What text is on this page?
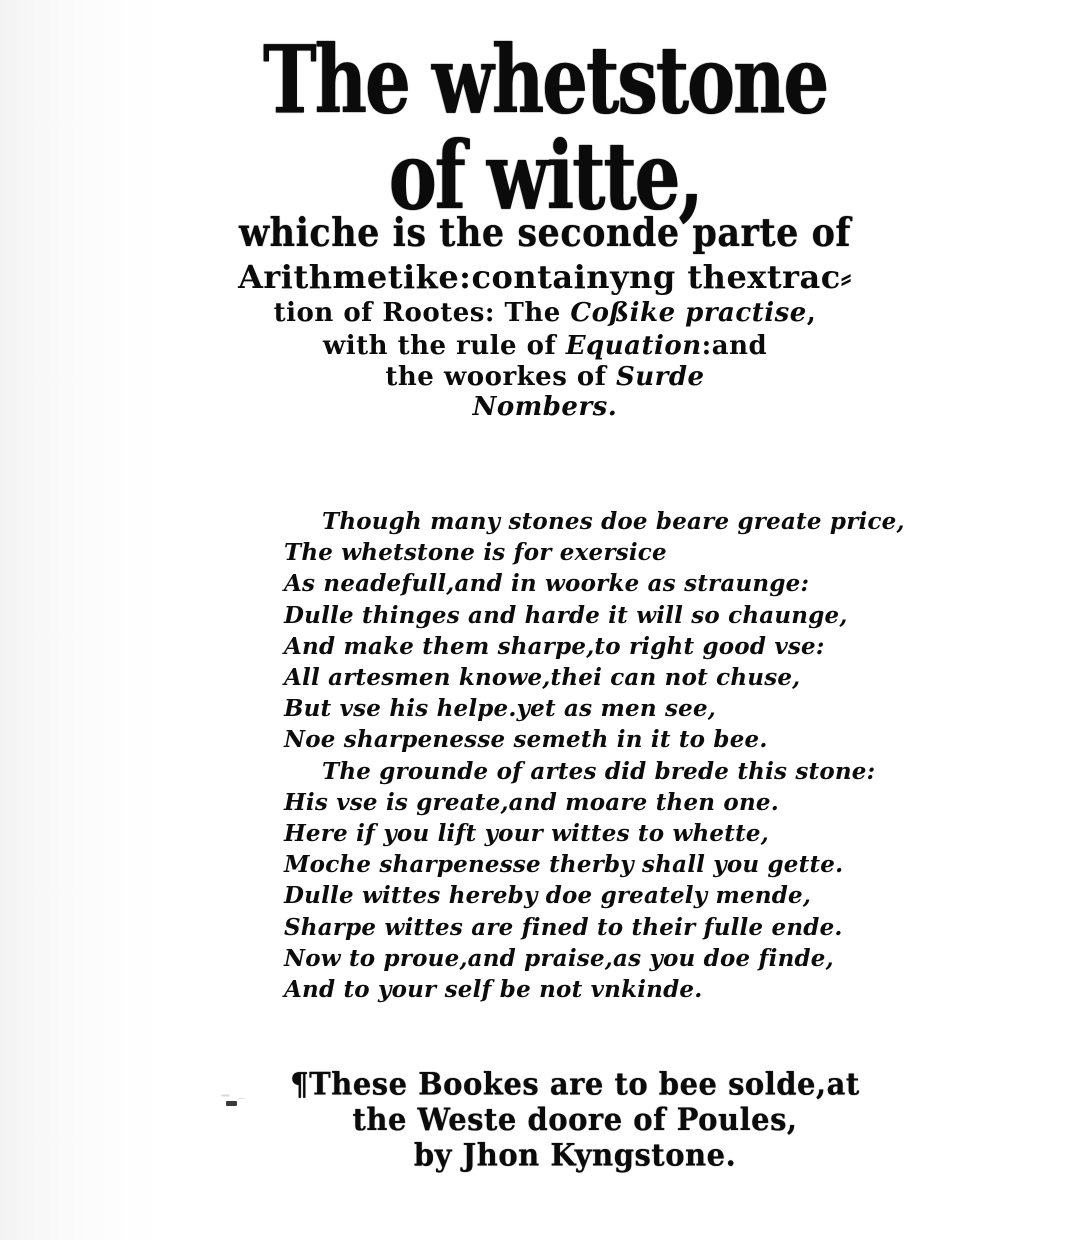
The whetstone
of witte,
whiche is the seconde parte of
Arithmetike:containyng thextrac⸗
tion of Rootes: The Coßike practise,
with the rule of Equation:and
the woorkes of Surde
Nombers.
Though many stones doe beare greate price,
The whetstone is for exersice
As neadefull,and in woorke as straunge:
Dulle thinges and harde it will so chaunge,
And make them sharpe,to right good vse:
All artesmen knowe,thei can not chuse,
But vse his helpe.yet as men see,
Noe sharpenesse semeth in it to bee.
The grounde of artes did brede this stone:
His vse is greate,and moare then one.
Here if you lift your wittes to whette,
Moche sharpenesse therby shall you gette.
Dulle wittes hereby doe greately mende,
Sharpe wittes are fined to their fulle ende.
Now to proue,and praise,as you doe finde,
And to your self be not vnkinde.
¶These Bookes are to bee solde,at
the Weste doore of Poules,
by Jhon Kyngstone.
